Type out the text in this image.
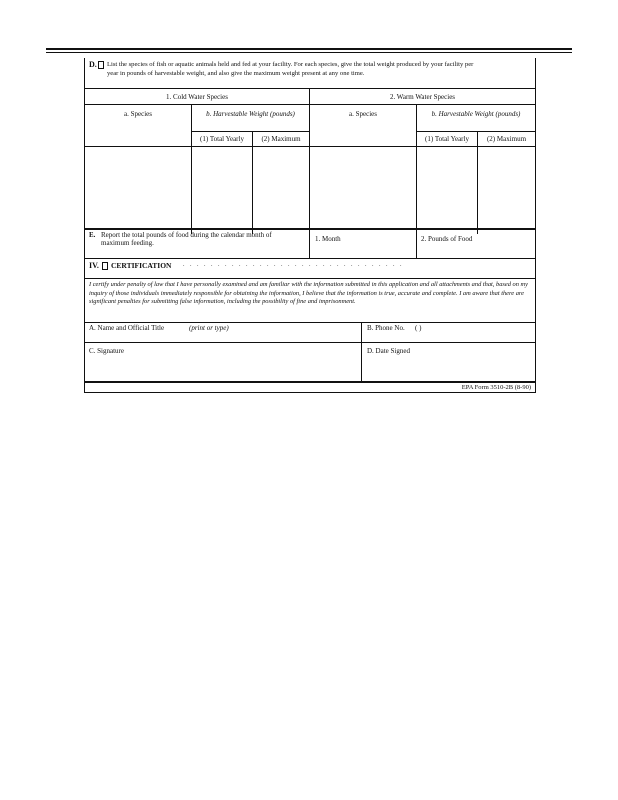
D. List the species of fish or aquatic animals held and fed at your facility. For each species, give the total weight produced by your facility per
year in pounds of harvestable weight, and also give the maximum weight present at any one time.
1. Cold Water Species	2. Warm Water Species
a. Species	b. Harvestable Weight (pounds)	a. Species	b. Harvestable Weight (pounds)
(1) Total Yearly	(2) Maximum	(1) Total Yearly	(2) Maximum
E. Report the total pounds of food during the calendar month of
maximum feeding.	1. Month	2. Pounds of Food
IV. CERTIFICATION . . . . . . . . . . . . . . . . . . . . . . . . . . . . . . . .
I certify under penalty of law that I have personally examined and am familiar with the information submitted in this application and all attachments and that, based on my inquiry of those individuals immediately responsible for obtaining the information, I believe that the information is true, accurate and complete. I am aware that there are significant penalties for submitting false information, including the possibility of fine and imprisonment.
A. Name and Official Title	(print or type)	B. Phone No. ( )
C. Signature	D. Date Signed
EPA Form 3510-2B (8-90)
